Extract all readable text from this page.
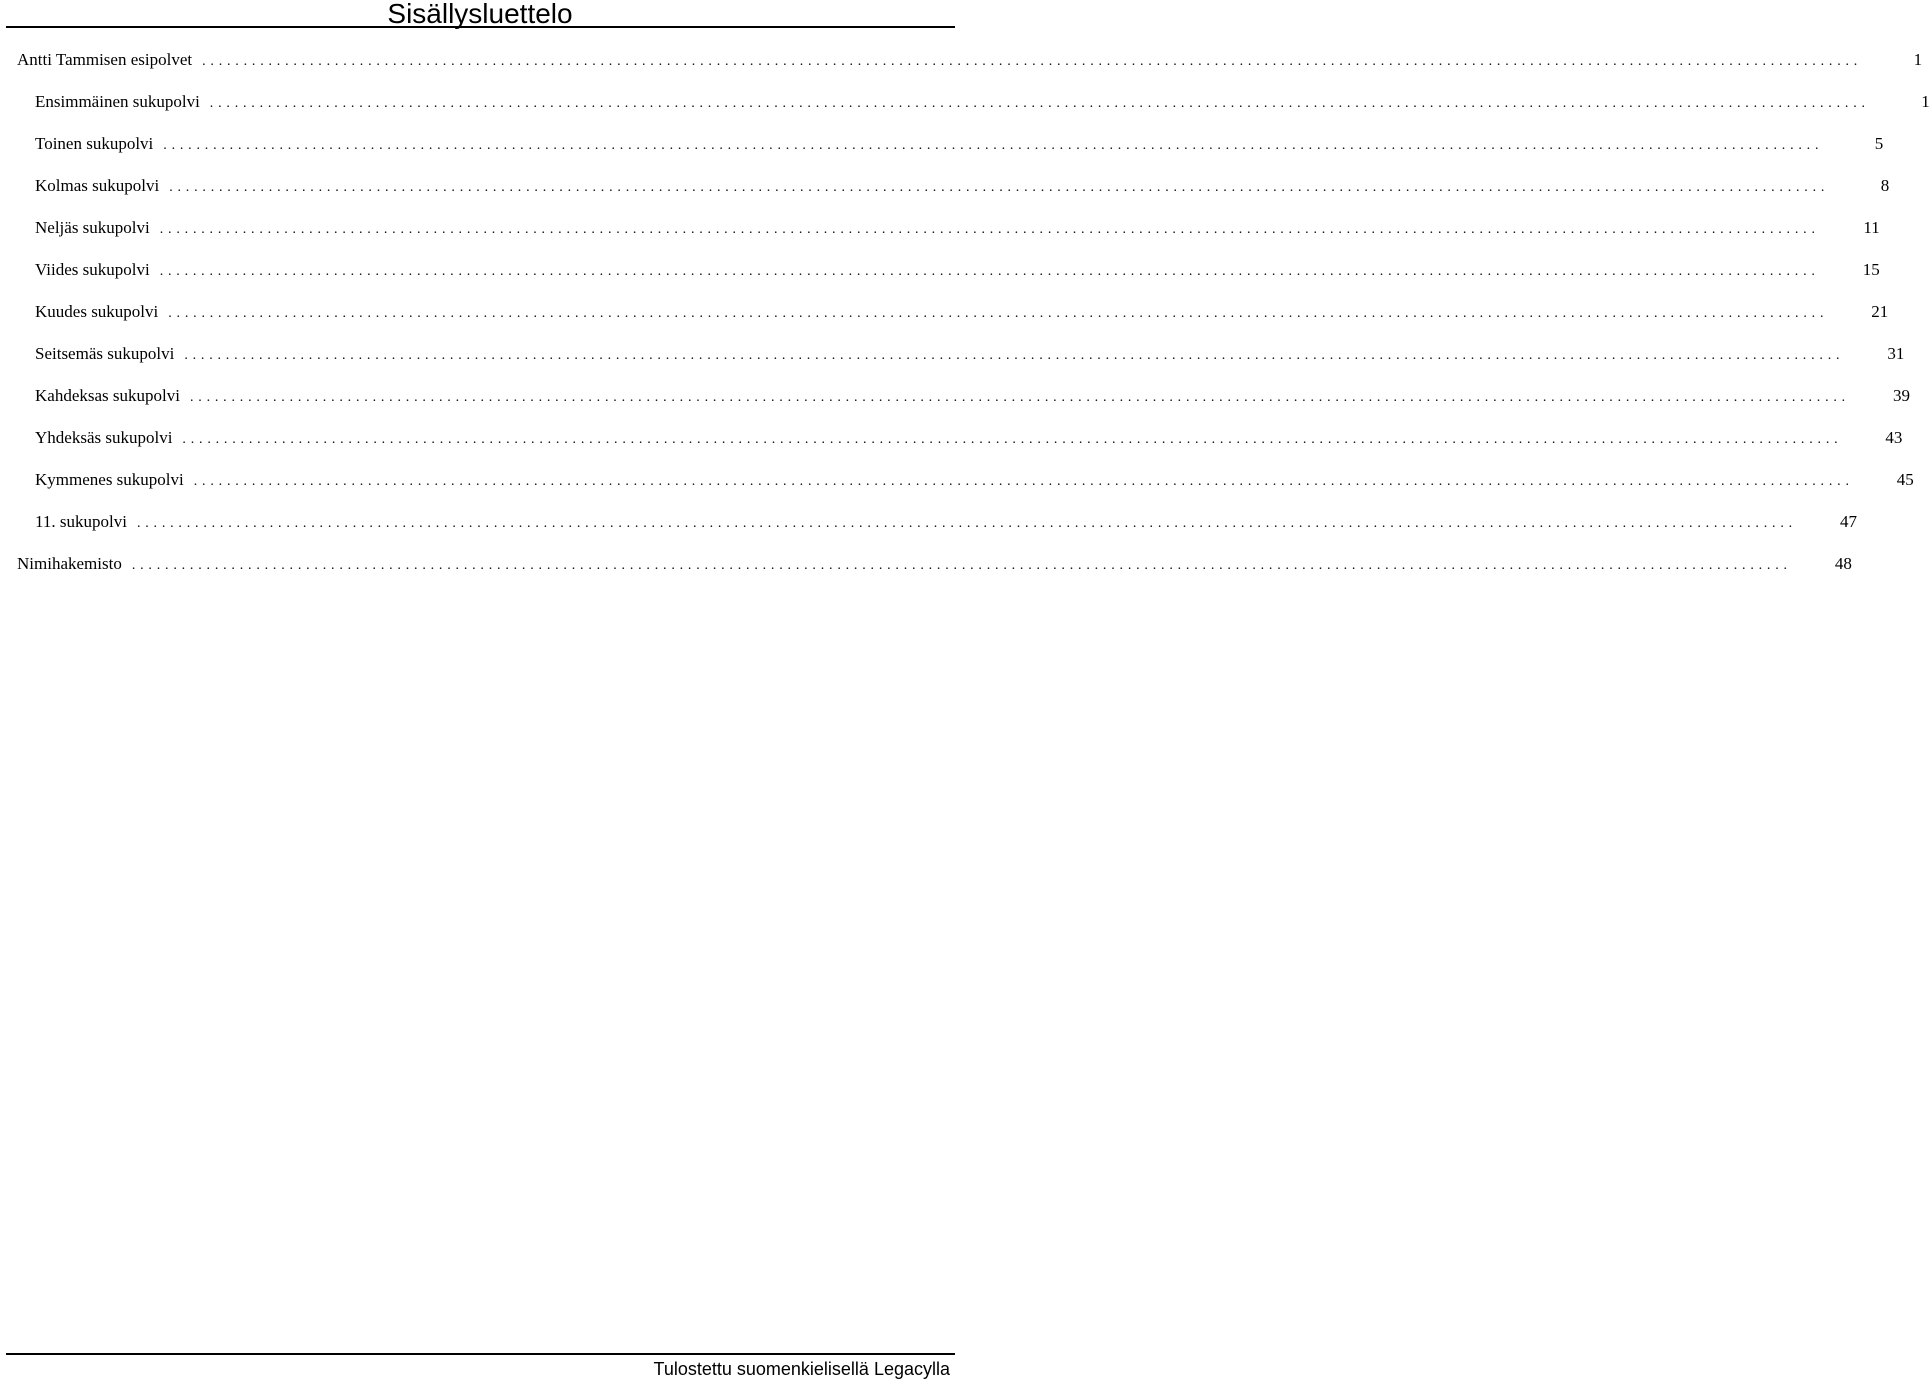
Sisällysluettelo
Antti Tammisen esipolvet ........................................................................................................................................................................................................	1
Ensimmäinen sukupolvi ........................................................................................................................................................................................................	1
Toinen sukupolvi ........................................................................................................................................................................................................	5
Kolmas sukupolvi ........................................................................................................................................................................................................	8
Neljäs sukupolvi ........................................................................................................................................................................................................	11
Viides sukupolvi ........................................................................................................................................................................................................	15
Kuudes sukupolvi ........................................................................................................................................................................................................	21
Seitsemäs sukupolvi ........................................................................................................................................................................................................	31
Kahdeksas sukupolvi ........................................................................................................................................................................................................	39
Yhdeksäs sukupolvi ........................................................................................................................................................................................................	43
Kymmenes sukupolvi ........................................................................................................................................................................................................	45
11. sukupolvi ........................................................................................................................................................................................................	47
Nimihakemisto ........................................................................................................................................................................................................	48
Tulostettu suomenkielisellä Legacylla
